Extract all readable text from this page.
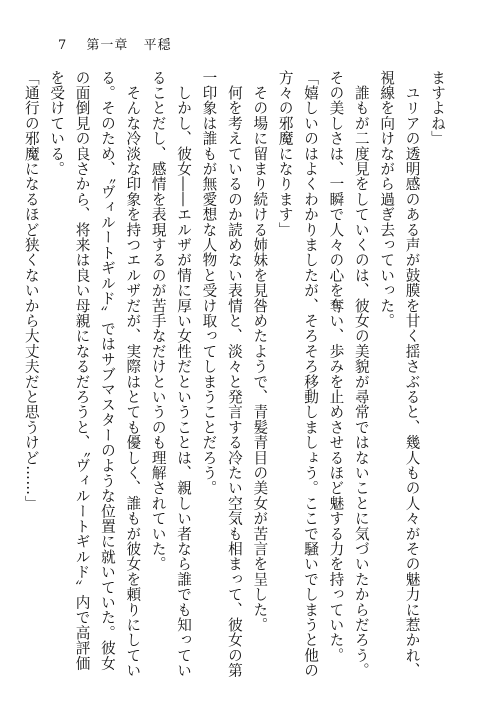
7 第一章 平穏
ますよね」
　ユリアの透明感のある声が鼓膜を甘く揺さぶると、幾人もの人々がその魅力に惹かれ、
視線を向けながら過ぎ去っていった。
　誰もが二度見をしていくのは、彼女の美貌が尋常ではないことに気づいたからだろう。
その美しさは、一瞬で人々の心を奪い、歩みを止めさせるほど魅する力を持っていた。
「嬉しいのはよくわかりましたが、そろそろ移動しましょう。ここで騒いでしまうと他の
方々の邪魔になります」
　その場に留まり続ける姉妹を見咎めたようで、青髪青目の美女が苦言を呈した。
　何を考えているのか読めない表情と、淡々と発言する冷たい空気も相まって、彼女の第
一印象は誰もが無愛想な人物と受け取ってしまうことだろう。
　しかし、彼女――エルザが情に厚い女性だということは、親しい者なら誰でも知ってい
ることだし、感情を表現するのが苦手なだけというのも理解されていた。
　そんな冷淡な印象を持つエルザだが、実際はとても優しく、誰もが彼女を頼りにしてい
る。そのため、〝ヴィルートギルド〟ではサブマスターのような位置に就いていた。彼女
の面倒見の良さから、将来は良い母親になるだろうと、〝ヴィルートギルド〟内で高評価
を受けている。
「通行の邪魔になるほど狭くないから大丈夫だと思うけど……」
